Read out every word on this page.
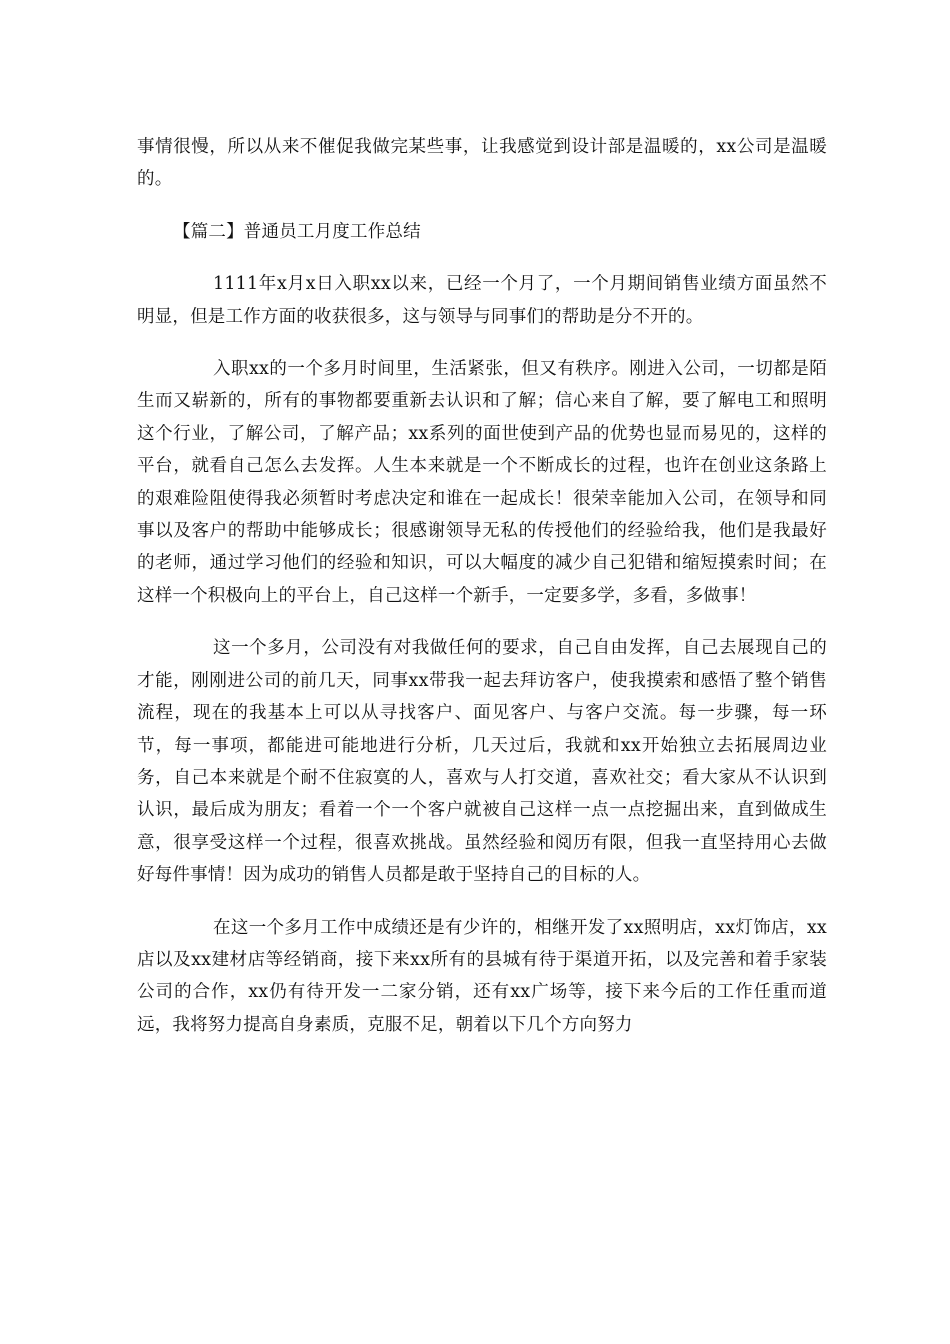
事情很慢，所以从来不催促我做完某些事，让我感觉到设计部是温暖的，xx公司是温暖的。

【篇二】普通员工月度工作总结

1111年x月x日入职xx以来，已经一个月了，一个月期间销售业绩方面虽然不明显，但是工作方面的收获很多，这与领导与同事们的帮助是分不开的。

入职xx的一个多月时间里，生活紧张，但又有秩序。刚进入公司，一切都是陌生而又崭新的，所有的事物都要重新去认识和了解；信心来自了解，要了解电工和照明这个行业，了解公司，了解产品；xx系列的面世使到产品的优势也显而易见的，这样的平台，就看自己怎么去发挥。人生本来就是一个不断成长的过程，也许在创业这条路上的艰难险阻使得我必须暂时考虑决定和谁在一起成长！很荣幸能加入公司，在领导和同事以及客户的帮助中能够成长；很感谢领导无私的传授他们的经验给我，他们是我最好的老师，通过学习他们的经验和知识，可以大幅度的减少自己犯错和缩短摸索时间；在这样一个积极向上的平台上，自己这样一个新手，一定要多学，多看，多做事！

这一个多月，公司没有对我做任何的要求，自己自由发挥，自己去展现自己的才能，刚刚进公司的前几天，同事xx带我一起去拜访客户，使我摸索和感悟了整个销售流程，现在的我基本上可以从寻找客户、面见客户、与客户交流。每一步骤，每一环节，每一事项，都能进可能地进行分析，几天过后，我就和xx开始独立去拓展周边业务，自己本来就是个耐不住寂寞的人，喜欢与人打交道，喜欢社交；看大家从不认识到认识，最后成为朋友；看着一个一个客户就被自己这样一点一点挖掘出来，直到做成生意，很享受这样一个过程，很喜欢挑战。虽然经验和阅历有限，但我一直坚持用心去做好每件事情！因为成功的销售人员都是敢于坚持自己的目标的人。

在这一个多月工作中成绩还是有少许的，相继开发了xx照明店，xx灯饰店，xx店以及xx建材店等经销商，接下来xx所有的县城有待于渠道开拓，以及完善和着手家装公司的合作，xx仍有待开发一二家分销，还有xx广场等，接下来今后的工作任重而道远，我将努力提高自身素质，克服不足，朝着以下几个方向努力
